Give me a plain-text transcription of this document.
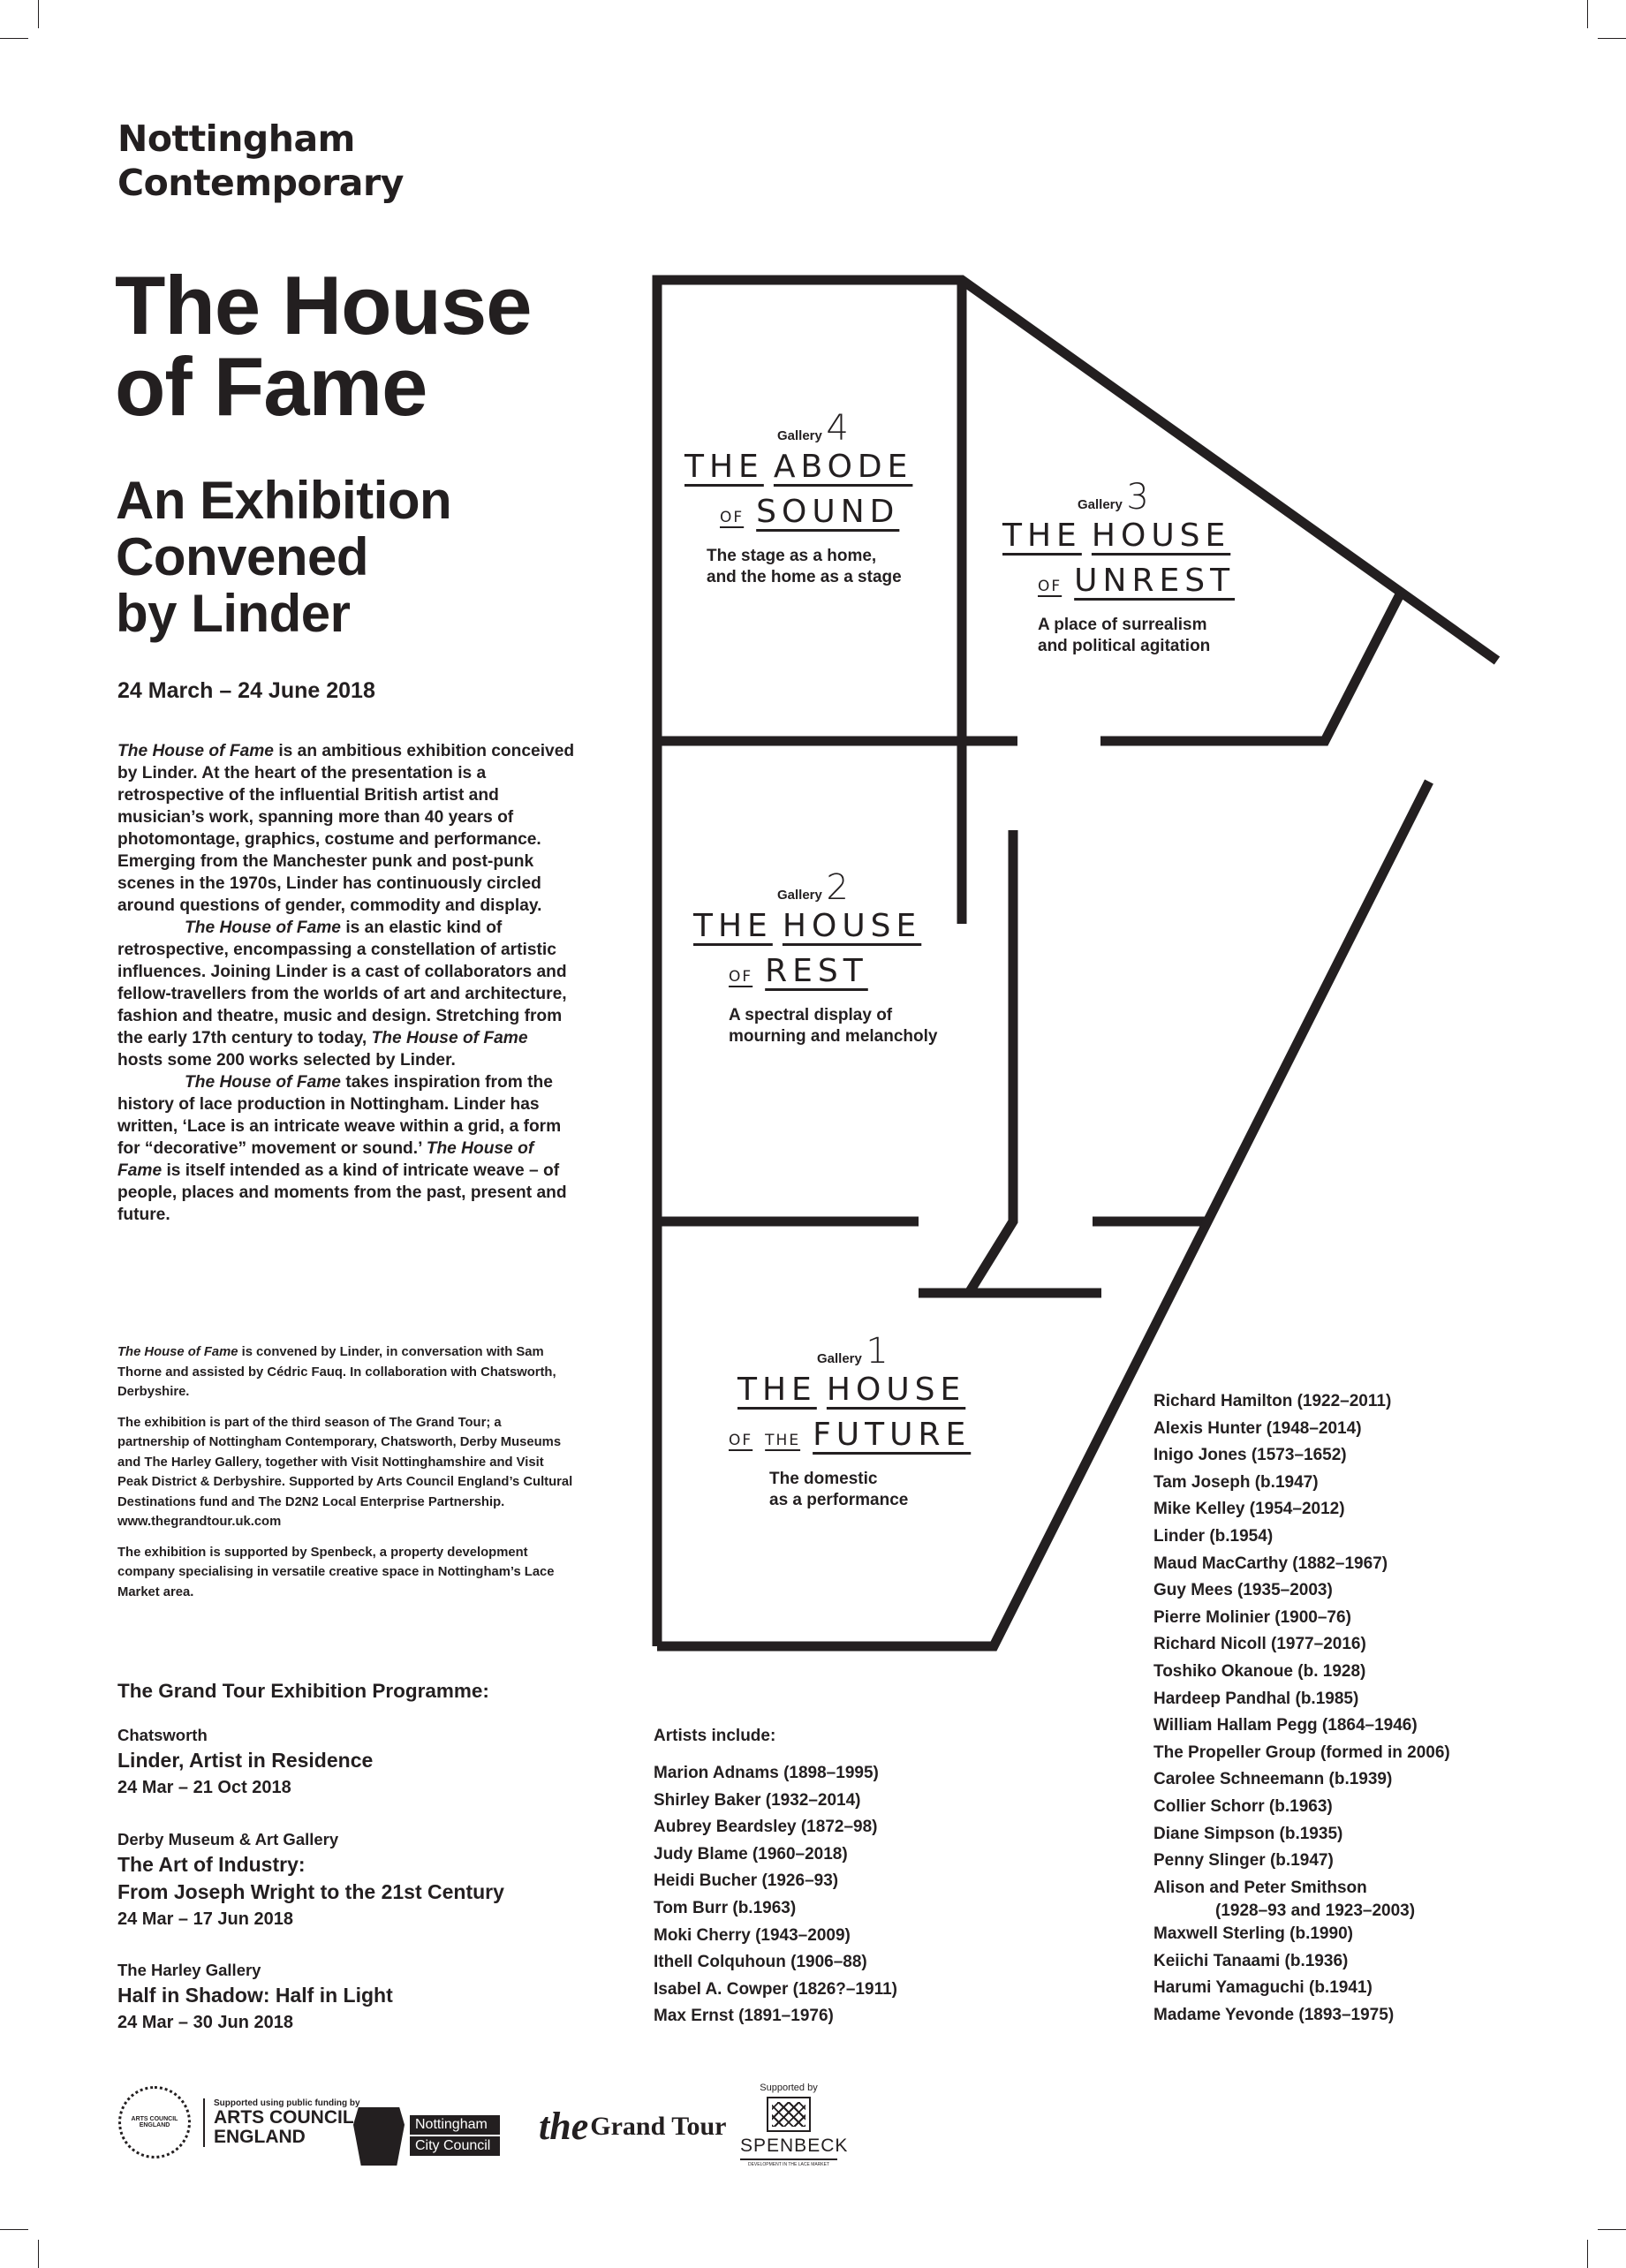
Nottingham
Contemporary
The House
of Fame
An Exhibition
Convened
by Linder
24 March – 24 June 2018

The House of Fame is an ambitious exhibition conceived by Linder. At the heart of the presentation is a retrospective of the influential British artist and musician’s work, spanning more than 40 years of photomontage, graphics, costume and performance. Emerging from the Manchester punk and post-punk scenes in the 1970s, Linder has continuously circled around questions of gender, commodity and display.

The House of Fame is an elastic kind of retrospective, encompassing a constellation of artistic influences. Joining Linder is a cast of collaborators and fellow-travellers from the worlds of art and architecture, fashion and theatre, music and design. Stretching from the early 17th century to today, The House of Fame hosts some 200 works selected by Linder.

The House of Fame takes inspiration from the history of lace production in Nottingham. Linder has written, ‘Lace is an intricate weave within a grid, a form for “decorative” movement or sound.’ The House of Fame is itself intended as a kind of intricate weave – of people, places and moments from the past, present and future.

The House of Fame is convened by Linder, in conversation with Sam Thorne and assisted by Cédric Fauq. In collaboration with Chatsworth, Derbyshire.

The exhibition is part of the third season of The Grand Tour; a partnership of Nottingham Contemporary, Chatsworth, Derby Museums and The Harley Gallery, together with Visit Nottinghamshire and Visit Peak District & Derbyshire. Supported by Arts Council England’s Cultural Destinations fund and The D2N2 Local Enterprise Partnership.
www.thegrandtour.uk.com

The exhibition is supported by Spenbeck, a property development company specialising in versatile creative space in Nottingham’s Lace Market area.

The Grand Tour Exhibition Programme:
Chatsworth
Linder, Artist in Residence
24 Mar – 21 Oct 2018
Derby Museum & Art Gallery
The Art of Industry:
From Joseph Wright to the 21st Century
24 Mar – 17 Jun 2018
The Harley Gallery
Half in Shadow: Half in Light
24 Mar – 30 Jun 2018
Gallery 4
THE ABODE
OF SOUND
The stage as a home,
and the home as a stage
Gallery 3
THE HOUSE
OF UNREST
A place of surrealism
and political agitation
Gallery 2
THE HOUSE
OF REST
A spectral display of
mourning and melancholy
Gallery 1
THE HOUSE
OF THE FUTURE
The domestic
as a performance
Artists include:
Marion Adnams (1898–1995)
Shirley Baker (1932–2014)
Aubrey Beardsley (1872–98)
Judy Blame (1960–2018)
Heidi Bucher (1926–93)
Tom Burr (b.1963)
Moki Cherry (1943–2009)
Ithell Colquhoun (1906–88)
Isabel A. Cowper (1826?–1911)
Max Ernst (1891–1976)
Richard Hamilton (1922–2011)
Alexis Hunter (1948–2014)
Inigo Jones (1573–1652)
Tam Joseph (b.1947)
Mike Kelley (1954–2012)
Linder (b.1954)
Maud MacCarthy (1882–1967)
Guy Mees (1935–2003)
Pierre Molinier (1900–76)
Richard Nicoll (1977–2016)
Toshiko Okanoue (b. 1928)
Hardeep Pandhal (b.1985)
William Hallam Pegg (1864–1946)
The Propeller Group (formed in 2006)
Carolee Schneemann (b.1939)
Collier Schorr (b.1963)
Diane Simpson (b.1935)
Penny Slinger (b.1947)
Alison and Peter Smithson
(1928–93 and 1923–2003)
Maxwell Sterling (b.1990)
Keiichi Tanaami (b.1936)
Harumi Yamaguchi (b.1941)
Madame Yevonde (1893–1975)
ARTS COUNCIL ENGLAND
Supported using public funding by
ARTS COUNCIL
ENGLAND
Nottingham
City Council the Grand Tour
Supported by
SPENBECK
DEVELOPMENT IN THE LACE MARKET
